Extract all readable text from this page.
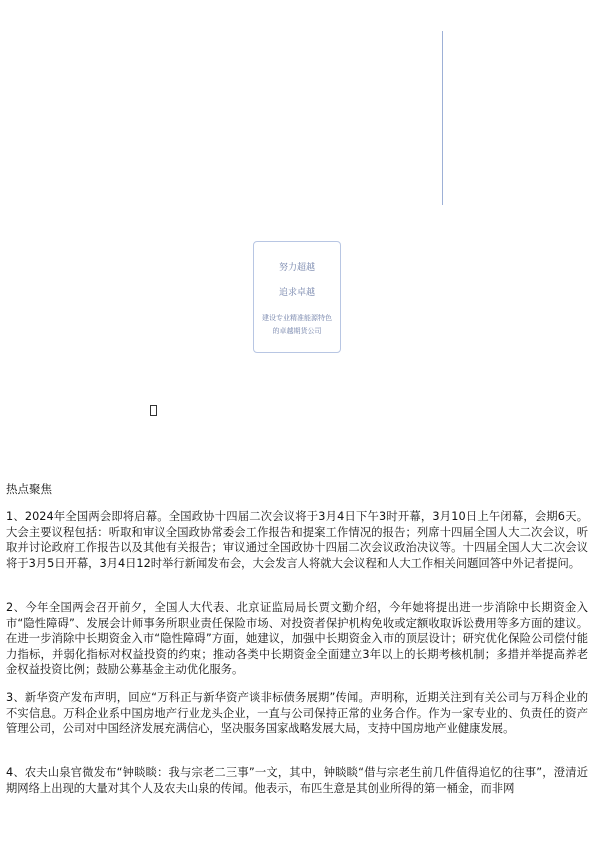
努力超越
追求卓越
建设专业精准能源特色的卓越期货公司
热点聚焦

1、2024年全国两会即将启幕。全国政协十四届二次会议将于3月4日下午3时开幕，3月10日上午闭幕，会期6天。大会主要议程包括：听取和审议全国政协常委会工作报告和提案工作情况的报告；列席十四届全国人大二次会议，听取并讨论政府工作报告以及其他有关报告；审议通过全国政协十四届二次会议政治决议等。十四届全国人大二次会议将于3月5日开幕，3月4日12时举行新闻发布会，大会发言人将就大会议程和人大工作相关问题回答中外记者提问。

2、今年全国两会召开前夕，全国人大代表、北京证监局局长贾文勤介绍，今年她将提出进一步消除中长期资金入市“隐性障碍”、发展会计师事务所职业责任保险市场、对投资者保护机构免收或定额收取诉讼费用等多方面的建议。在进一步消除中长期资金入市“隐性障碍”方面，她建议，加强中长期资金入市的顶层设计；研究优化保险公司偿付能力指标，并弱化指标对权益投资的约束；推动各类中长期资金全面建立3年以上的长期考核机制；多措并举提高养老金权益投资比例；鼓励公募基金主动优化服务。

3、新华资产发布声明，回应“万科正与新华资产谈非标债务展期”传闻。声明称，近期关注到有关公司与万科企业的不实信息。万科企业系中国房地产行业龙头企业，一直与公司保持正常的业务合作。作为一家专业的、负责任的资产管理公司，公司对中国经济发展充满信心，坚决服务国家战略发展大局，支持中国房地产业健康发展。

4、农夫山泉官微发布“钟睒睒：我与宗老二三事”一文，其中，钟睒睒“借与宗老生前几件值得追忆的往事”，澄清近期网络上出现的大量对其个人及农夫山泉的传闻。他表示，布匹生意是其创业所得的第一桶金，而非网
